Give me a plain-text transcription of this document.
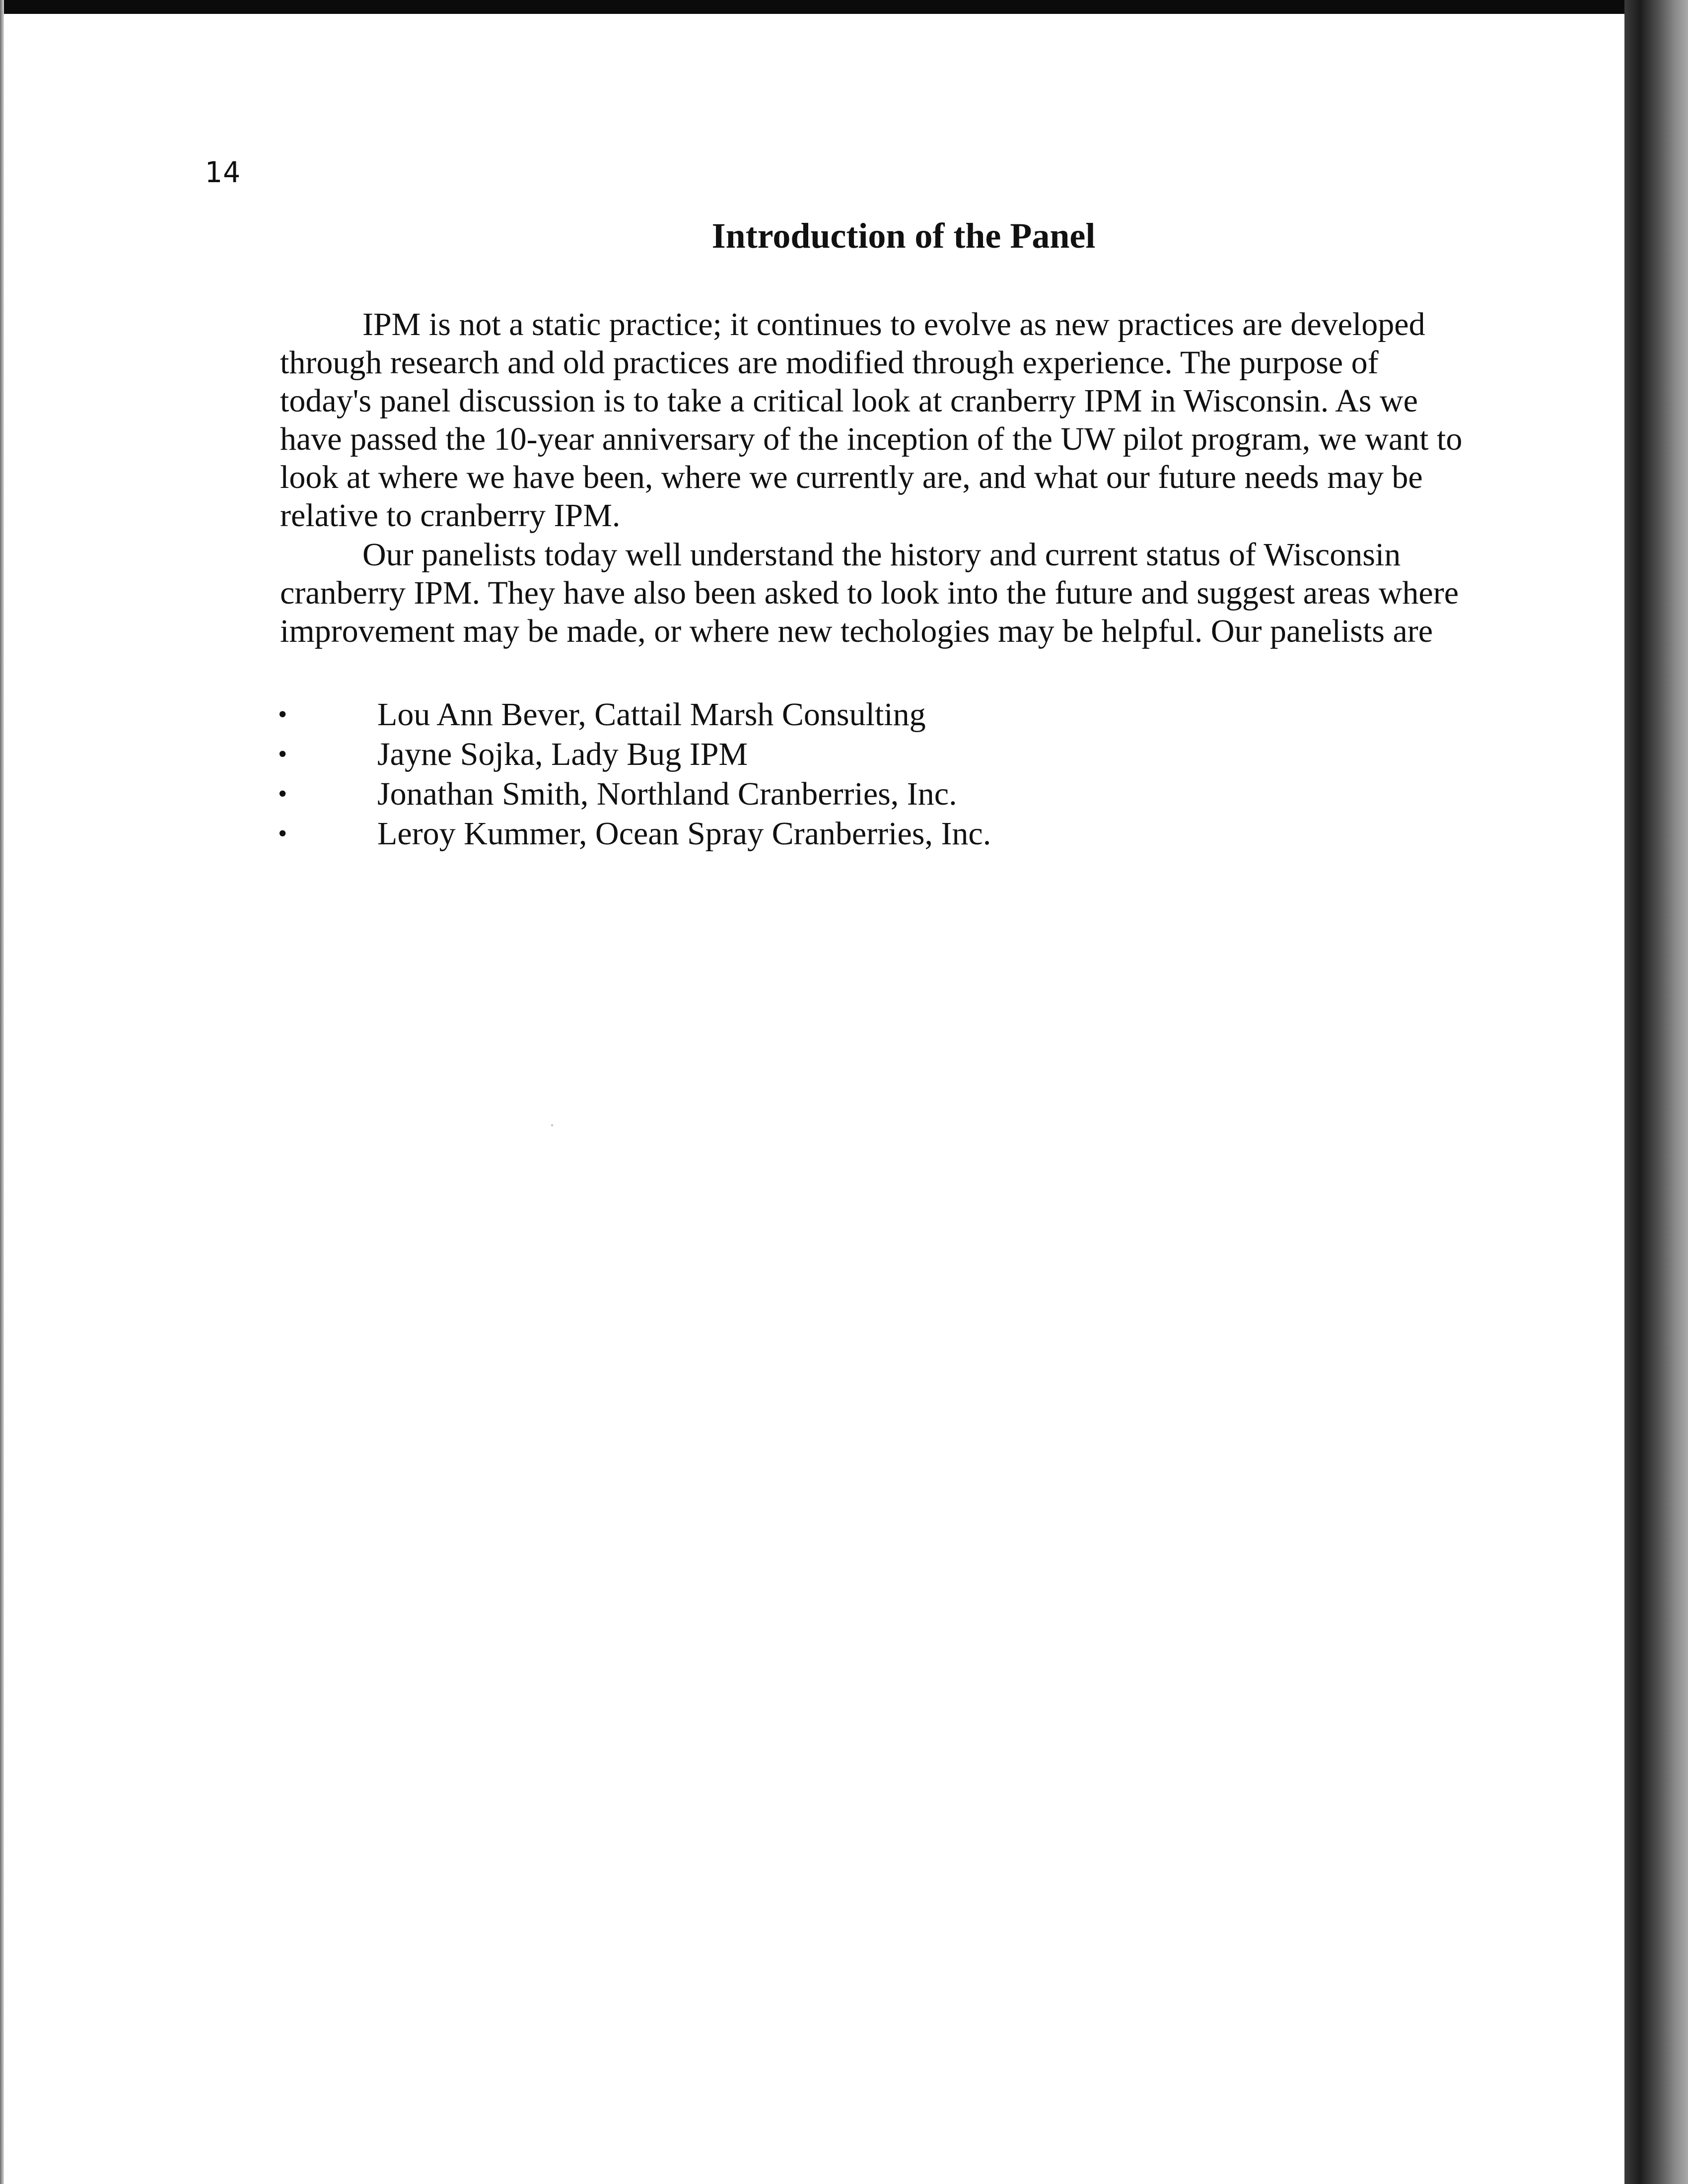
14
Introduction of the Panel
IPM is not a static practice; it continues to evolve as new practices are developed
through research and old practices are modified through experience. The purpose of
today's panel discussion is to take a critical look at cranberry IPM in Wisconsin. As we
have passed the 10-year anniversary of the inception of the UW pilot program, we want to
look at where we have been, where we currently are, and what our future needs may be
relative to cranberry IPM.
Our panelists today well understand the history and current status of Wisconsin
cranberry IPM. They have also been asked to look into the future and suggest areas where
improvement may be made, or where new techologies may be helpful. Our panelists are
•	Lou Ann Bever, Cattail Marsh Consulting
•	Jayne Sojka, Lady Bug IPM
•	Jonathan Smith, Northland Cranberries, Inc.
•	Leroy Kummer, Ocean Spray Cranberries, Inc.
